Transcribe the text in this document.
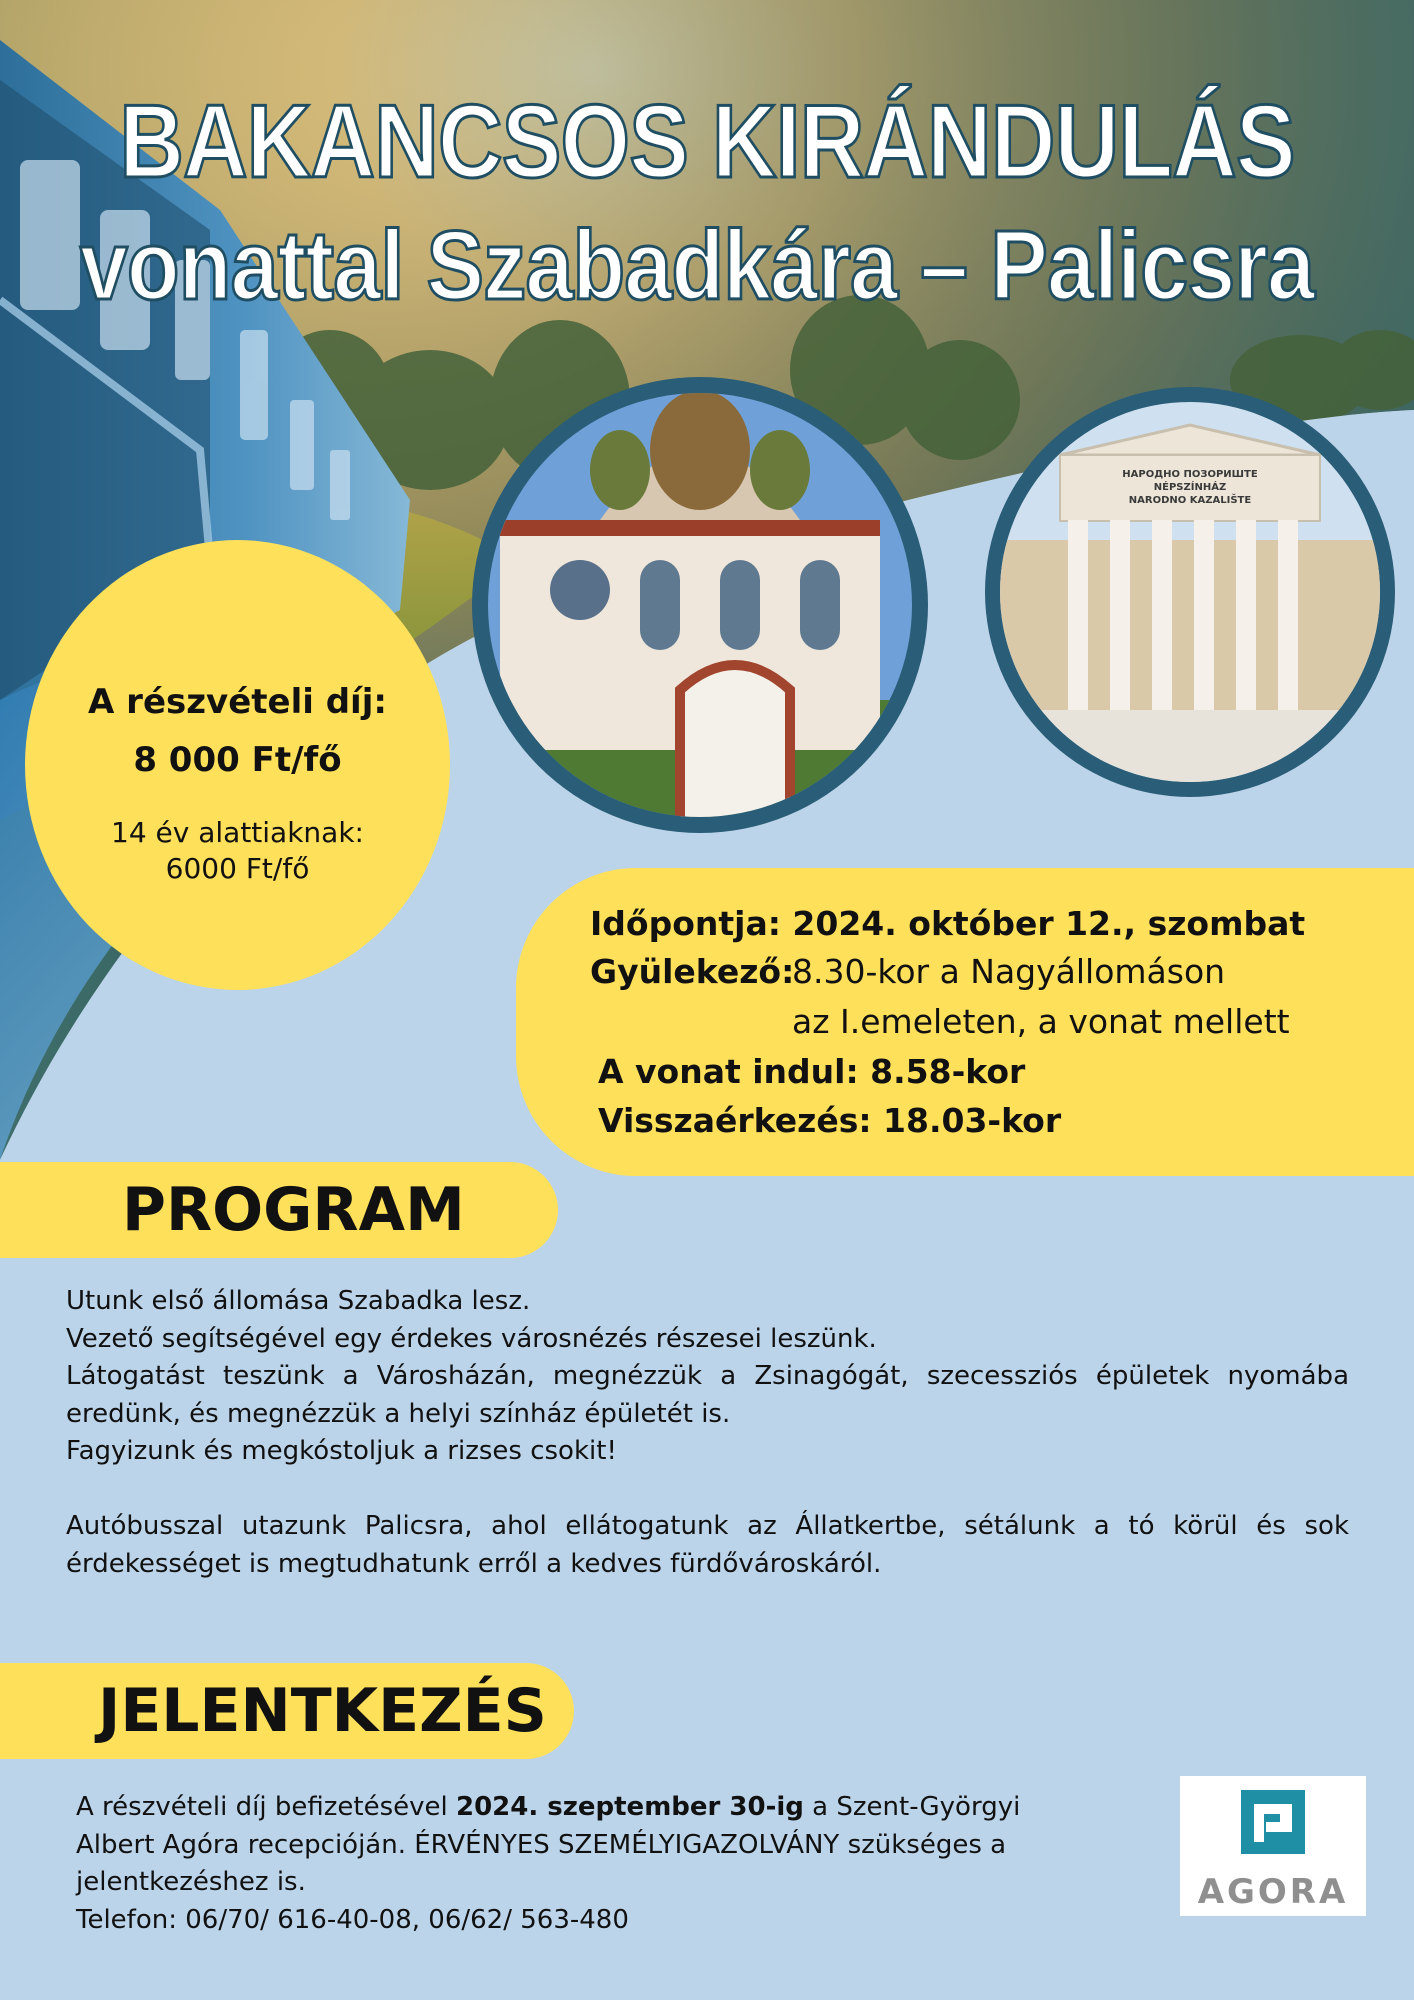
НАРОДНО ПОЗОРИШТЕ
NÉPSZÍNHÁZ
NARODNO KAZALIŠTE
BAKANCSOS KIRÁNDULÁS
vonattal Szabadkára – Palicsra
A részvételi díj:
8 000 Ft/fő
14 év alattiaknak:
6000 Ft/fő
Időpontja: 2024. október 12., szombat
Gyülekező:
8.30-kor a Nagyállomáson
az I.emeleten, a vonat mellett
A vonat indul: 8.58-kor
Visszaérkezés: 18.03-kor
PROGRAM

Utunk első állomása Szabadka lesz.

Vezető segítségével egy érdekes városnézés részesei leszünk.

Látogatást teszünk a Városházán, megnézzük a Zsinagógát, szecessziós épületek nyomába eredünk, és megnézzük a helyi színház épületét is.

Fagyizunk és megkóstoljuk a rizses csokit!

Autóbusszal utazunk Palicsra, ahol ellátogatunk az Állatkertbe, sétálunk a tó körül és sok érdekességet is megtudhatunk erről a kedves fürdővároskáról.

JELENTKEZÉS

A részvételi díj befizetésével 2024. szeptember 30-ig a Szent-Györgyi Albert Agóra recepcióján. ÉRVÉNYES SZEMÉLYIGAZOLVÁNY szükséges a jelentkezéshez is.

Telefon: 06/70/ 616-40-08, 06/62/ 563-480

AGORA
